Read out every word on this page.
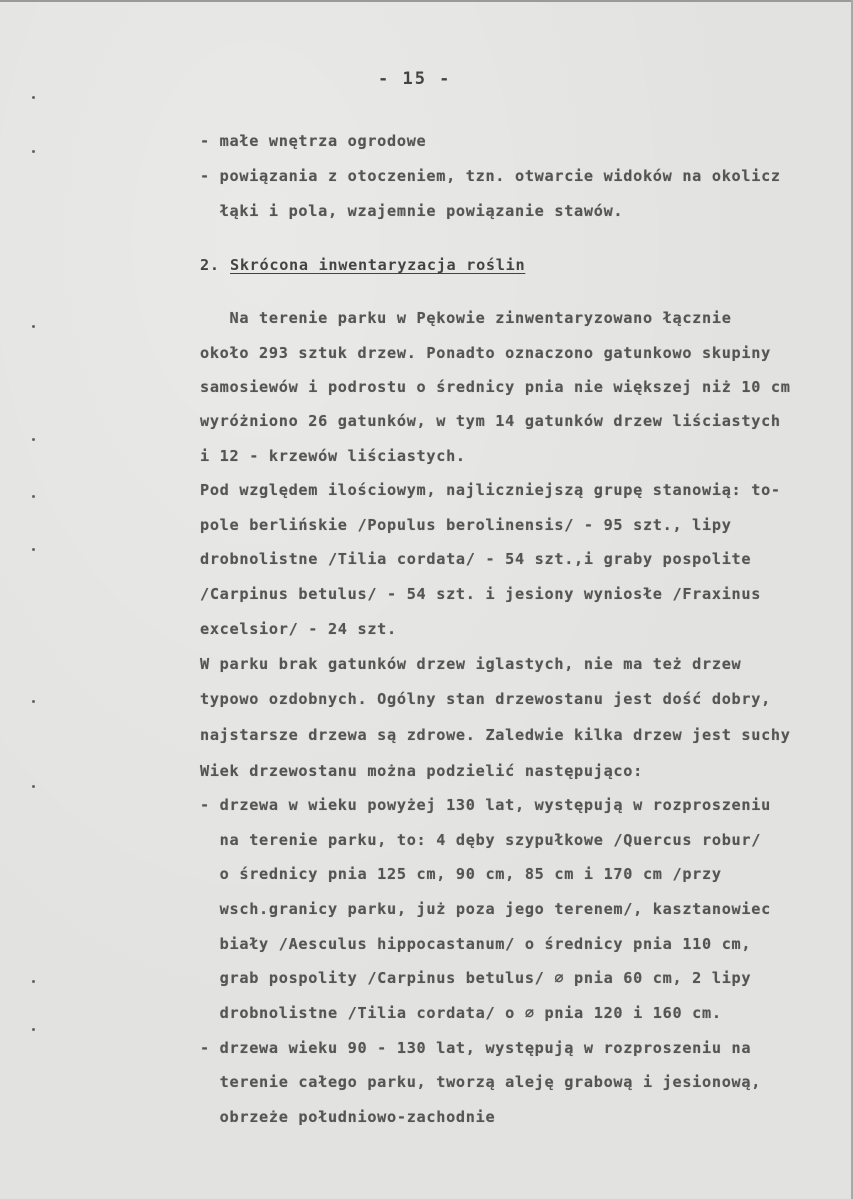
- 15 -
- małe wnętrza ogrodowe
- powiązania z otoczeniem, tzn. otwarcie widoków na okolicz
łąki i pola, wzajemnie powiązanie stawów.
2. Skrócona inwentaryzacja roślin
Na terenie parku w Pękowie zinwentaryzowano łącznie
około 293 sztuk drzew. Ponadto oznaczono gatunkowo skupiny
samosiewów i podrostu o średnicy pnia nie większej niż 10 cm
wyróżniono 26 gatunków, w tym 14 gatunków drzew liściastych
i 12 - krzewów liściastych.
Pod względem ilościowym, najliczniejszą grupę stanowią: to-
pole berlińskie /Populus berolinensis/ - 95 szt., lipy
drobnolistne /Tilia cordata/ - 54 szt.,i graby pospolite
/Carpinus betulus/ - 54 szt. i jesiony wyniosłe /Fraxinus
excelsior/ - 24 szt.
W parku brak gatunków drzew iglastych, nie ma też drzew
typowo ozdobnych. Ogólny stan drzewostanu jest dość dobry,
najstarsze drzewa są zdrowe. Zaledwie kilka drzew jest suchy
Wiek drzewostanu można podzielić następująco:
- drzewa w wieku powyżej 130 lat, występują w rozproszeniu
na terenie parku, to: 4 dęby szypułkowe /Quercus robur/
o średnicy pnia 125 cm, 90 cm, 85 cm i 170 cm /przy
wsch.granicy parku, już poza jego terenem/, kasztanowiec
biały /Aesculus hippocastanum/ o średnicy pnia 110 cm,
grab pospolity /Carpinus betulus/ ∅ pnia 60 cm, 2 lipy
drobnolistne /Tilia cordata/ o ∅ pnia 120 i 160 cm.
- drzewa wieku 90 - 130 lat, występują w rozproszeniu na
terenie całego parku, tworzą aleję grabową i jesionową,
obrzeże południowo-zachodnie
